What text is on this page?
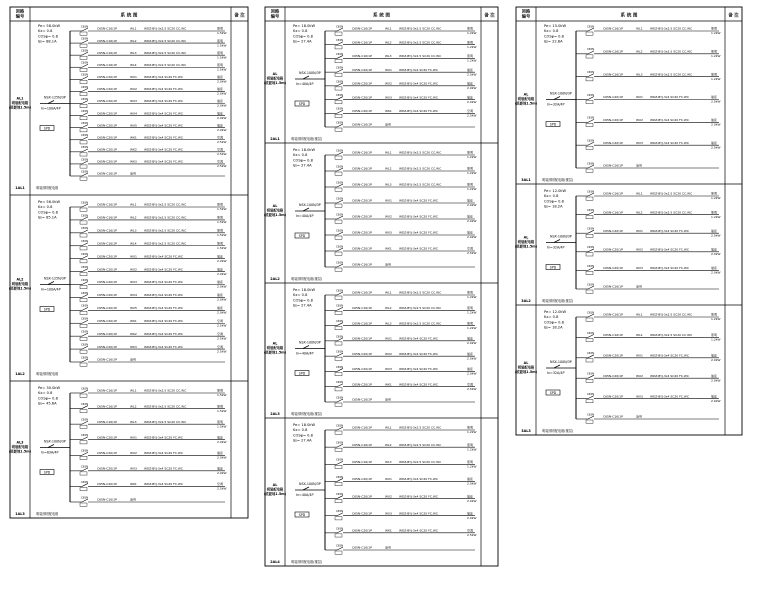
回路
编号	系 统 图	备 注
Pe= 58.0kW
Kx= 0.8
COSφ= 0.8
Ijs= 88.1A
NSX-125N/3P
In=100A/4P
SPD
AL1
明装配电箱
(底距地1.5m)
C65N	C65N-C16/1P	WL1 WDZ-BYJ-3x2.5 SC20 CC.WC	照明
1.5kW
C65N	C65N-C16/1P	WL2 WDZ-BYJ-3x2.5 SC20 CC.WC	照明
1.5kW
C65N	C65N-C16/1P	WL3 WDZ-BYJ-3x2.5 SC20 CC.WC	照明
1.5kW
C65N	C65N-C16/1P	WL4 WDZ-BYJ-3x2.5 SC20 CC.WC	照明
1.5kW
C65N	C65N-C20/1P	WX1 WDZ-BYJ-3x4 SC20 FC.WC	插座
2.0kW
C65N	C65N-C20/1P	WX2 WDZ-BYJ-3x4 SC20 FC.WC	插座
2.0kW
C65N	C65N-C20/1P	WX3 WDZ-BYJ-3x4 SC20 FC.WC	插座
2.0kW
C65N	C65N-C20/1P	WX4 WDZ-BYJ-3x4 SC20 FC.WC	插座
2.0kW
C65N	C65N-C20/1P	WX5 WDZ-BYJ-3x4 SC20 FC.WC	插座
2.0kW
C65N	C65N-C20/1P	WK1 WDZ-BYJ-3x4 SC20 FC.WC	空调
2.5kW
C65N	C65N-C20/1P	WK2 WDZ-BYJ-3x4 SC20 FC.WC	空调
2.5kW
C65N	C65N-C20/1P	WK3 WDZ-BYJ-3x4 SC20 FC.WC	空调
2.5kW
C65N	C65N-C16/1P	备用
1AL1	明装照明配电箱
Pe= 56.0kW
Kx= 0.8
COSφ= 0.8
Ijs= 85.1A
NSX-125N/3P
In=100A/4P
SPD
AL2
明装配电箱
(底距地1.5m)
C65N	C65N-C16/1P	WL1 WDZ-BYJ-3x2.5 SC20 CC.WC	照明
1.5kW
C65N	C65N-C16/1P	WL2 WDZ-BYJ-3x2.5 SC20 CC.WC	照明
1.5kW
C65N	C65N-C16/1P	WL3 WDZ-BYJ-3x2.5 SC20 CC.WC	照明
1.5kW
C65N	C65N-C16/1P	WL4 WDZ-BYJ-3x2.5 SC20 CC.WC	照明
1.5kW
C65N	C65N-C20/1P	WX1 WDZ-BYJ-3x4 SC20 FC.WC	插座
2.0kW
C65N	C65N-C20/1P	WX2 WDZ-BYJ-3x4 SC20 FC.WC	插座
2.0kW
C65N	C65N-C20/1P	WX3 WDZ-BYJ-3x4 SC20 FC.WC	插座
2.0kW
C65N	C65N-C20/1P	WX4 WDZ-BYJ-3x4 SC20 FC.WC	插座
2.0kW
C65N	C65N-C20/1P	WX5 WDZ-BYJ-3x4 SC20 FC.WC	插座
2.0kW
C65N	C65N-C20/1P	WK1 WDZ-BYJ-3x4 SC20 FC.WC	空调
2.5kW
C65N	C65N-C20/1P	WK2 WDZ-BYJ-3x4 SC20 FC.WC	空调
2.5kW
C65N	C65N-C20/1P	WK3 WDZ-BYJ-3x4 SC20 FC.WC	空调
2.5kW
C65N	C65N-C16/1P	备用
1AL2	明装照明配电箱
Pe= 30.0kW
Kx= 0.8
COSφ= 0.8
Ijs= 45.6A
NSX-100N/3P
In=63A/4P
SPD
AL3
明装配电箱
(底距地1.5m)
C65N	C65N-C16/1P	WL1 WDZ-BYJ-3x2.5 SC20 CC.WC	照明
1.5kW
C65N	C65N-C16/1P	WL2 WDZ-BYJ-3x2.5 SC20 CC.WC	照明
1.5kW
C65N	C65N-C16/1P	WL3 WDZ-BYJ-3x2.5 SC20 CC.WC	照明
1.5kW
C65N	C65N-C20/1P	WX1 WDZ-BYJ-3x4 SC20 FC.WC	插座
2.0kW
C65N	C65N-C20/1P	WX2 WDZ-BYJ-3x4 SC20 FC.WC	插座
2.0kW
C65N	C65N-C20/1P	WX3 WDZ-BYJ-3x4 SC20 FC.WC	插座
2.0kW
C65N	C65N-C20/1P	WK1 WDZ-BYJ-3x4 SC20 FC.WC	空调
2.5kW
C65N	C65N-C16/1P	备用
1AL3	明装照明配电箱
回路
编号	系 统 图	备 注
Pe= 18.0kW
Kx= 0.8
COSφ= 0.8
Ijs= 27.4A
NSX-100N/3P
In=40A/4P
SPD
AL
明装配电箱
(底距地1.5m)
C65N	C65N-C16/1P	WL1 WDZ-BYJ-3x2.5 SC20 CC.WC	照明
1.2kW
C65N	C65N-C16/1P	WL2 WDZ-BYJ-3x2.5 SC20 CC.WC	照明
1.2kW
C65N	C65N-C16/1P	WL3 WDZ-BYJ-3x2.5 SC20 CC.WC	照明
1.2kW
C65N	C65N-C20/1P	WX1 WDZ-BYJ-3x4 SC20 FC.WC	插座
2.0kW
C65N	C65N-C20/1P	WX2 WDZ-BYJ-3x4 SC20 FC.WC	插座
2.0kW
C65N	C65N-C20/1P	WX3 WDZ-BYJ-3x4 SC20 FC.WC	插座
2.0kW
C65N	C65N-C20/1P	WK1 WDZ-BYJ-3x4 SC20 FC.WC	空调
2.5kW
C65N	C65N-C16/1P	备用
2AL1	明装照明配电箱(楼层)
Pe= 18.0kW
Kx= 0.8
COSφ= 0.8
Ijs= 27.4A
NSX-100N/3P
In=40A/4P
SPD
AL
明装配电箱
(底距地1.5m)
C65N	C65N-C16/1P	WL1 WDZ-BYJ-3x2.5 SC20 CC.WC	照明
1.2kW
C65N	C65N-C16/1P	WL2 WDZ-BYJ-3x2.5 SC20 CC.WC	照明
1.2kW
C65N	C65N-C16/1P	WL3 WDZ-BYJ-3x2.5 SC20 CC.WC	照明
1.2kW
C65N	C65N-C20/1P	WX1 WDZ-BYJ-3x4 SC20 FC.WC	插座
2.0kW
C65N	C65N-C20/1P	WX2 WDZ-BYJ-3x4 SC20 FC.WC	插座
2.0kW
C65N	C65N-C20/1P	WX3 WDZ-BYJ-3x4 SC20 FC.WC	插座
2.0kW
C65N	C65N-C20/1P	WK1 WDZ-BYJ-3x4 SC20 FC.WC	空调
2.5kW
C65N	C65N-C16/1P	备用
2AL2	明装照明配电箱(楼层)
Pe= 18.0kW
Kx= 0.8
COSφ= 0.8
Ijs= 27.4A
NSX-100N/3P
In=40A/4P
SPD
AL
明装配电箱
(底距地1.5m)
C65N	C65N-C16/1P	WL1 WDZ-BYJ-3x2.5 SC20 CC.WC	照明
1.2kW
C65N	C65N-C16/1P	WL2 WDZ-BYJ-3x2.5 SC20 CC.WC	照明
1.2kW
C65N	C65N-C16/1P	WL3 WDZ-BYJ-3x2.5 SC20 CC.WC	照明
1.2kW
C65N	C65N-C20/1P	WX1 WDZ-BYJ-3x4 SC20 FC.WC	插座
2.0kW
C65N	C65N-C20/1P	WX2 WDZ-BYJ-3x4 SC20 FC.WC	插座
2.0kW
C65N	C65N-C20/1P	WX3 WDZ-BYJ-3x4 SC20 FC.WC	插座
2.0kW
C65N	C65N-C20/1P	WK1 WDZ-BYJ-3x4 SC20 FC.WC	空调
2.5kW
C65N	C65N-C16/1P	备用
2AL3	明装照明配电箱(楼层)
Pe= 18.0kW
Kx= 0.8
COSφ= 0.8
Ijs= 27.4A
NSX-100N/3P
In=40A/4P
SPD
AL
明装配电箱
(底距地1.5m)
C65N	C65N-C16/1P	WL1 WDZ-BYJ-3x2.5 SC20 CC.WC	照明
1.2kW
C65N	C65N-C16/1P	WL2 WDZ-BYJ-3x2.5 SC20 CC.WC	照明
1.2kW
C65N	C65N-C16/1P	WL3 WDZ-BYJ-3x2.5 SC20 CC.WC	照明
1.2kW
C65N	C65N-C20/1P	WX1 WDZ-BYJ-3x4 SC20 FC.WC	插座
2.0kW
C65N	C65N-C20/1P	WX2 WDZ-BYJ-3x4 SC20 FC.WC	插座
2.0kW
C65N	C65N-C20/1P	WX3 WDZ-BYJ-3x4 SC20 FC.WC	插座
2.0kW
C65N	C65N-C20/1P	WK1 WDZ-BYJ-3x4 SC20 FC.WC	空调
2.5kW
C65N	C65N-C16/1P	备用
2AL4	明装照明配电箱(楼层)
回路
编号	系 统 图	备 注
Pe= 15.0kW
Kx= 0.8
COSφ= 0.8
Ijs= 22.8A
NSX-100N/3P
In=32A/4P
SPD
AL
明装配电箱
(底距地1.5m)
C65N	C65N-C16/1P	WL1 WDZ-BYJ-3x2.5 SC20 CC.WC	照明
1.2kW
C65N	C65N-C16/1P	WL2 WDZ-BYJ-3x2.5 SC20 CC.WC	照明
1.2kW
C65N	C65N-C16/1P	WL3 WDZ-BYJ-3x2.5 SC20 CC.WC	照明
1.2kW
C65N	C65N-C20/1P	WX1 WDZ-BYJ-3x4 SC20 FC.WC	插座
2.0kW
C65N	C65N-C20/1P	WX2 WDZ-BYJ-3x4 SC20 FC.WC	插座
2.0kW
C65N	C65N-C20/1P	WX3 WDZ-BYJ-3x4 SC20 FC.WC	插座
2.0kW
C65N	C65N-C16/1P	备用
3AL1	明装照明配电箱(楼层)
Pe= 12.0kW
Kx= 0.8
COSφ= 0.8
Ijs= 18.2A
NSX-100N/3P
In=32A/4P
SPD
AL
明装配电箱
(底距地1.5m)
C65N	C65N-C16/1P	WL1 WDZ-BYJ-3x2.5 SC20 CC.WC	照明
1.2kW
C65N	C65N-C16/1P	WL2 WDZ-BYJ-3x2.5 SC20 CC.WC	照明
1.2kW
C65N	C65N-C20/1P	WX1 WDZ-BYJ-3x4 SC20 FC.WC	插座
2.0kW
C65N	C65N-C20/1P	WX2 WDZ-BYJ-3x4 SC20 FC.WC	插座
2.0kW
C65N	C65N-C20/1P	WX3 WDZ-BYJ-3x4 SC20 FC.WC	插座
2.0kW
C65N	C65N-C16/1P	备用
3AL2	明装照明配电箱(楼层)
Pe= 12.0kW
Kx= 0.8
COSφ= 0.8
Ijs= 18.2A
NSX-100N/3P
In=32A/4P
SPD
AL
明装配电箱
(底距地1.5m)
C65N	C65N-C16/1P	WL1 WDZ-BYJ-3x2.5 SC20 CC.WC	照明
1.2kW
C65N	C65N-C16/1P	WL2 WDZ-BYJ-3x2.5 SC20 CC.WC	照明
1.2kW
C65N	C65N-C20/1P	WX1 WDZ-BYJ-3x4 SC20 FC.WC	插座
2.0kW
C65N	C65N-C20/1P	WX2 WDZ-BYJ-3x4 SC20 FC.WC	插座
2.0kW
C65N	C65N-C20/1P	WX3 WDZ-BYJ-3x4 SC20 FC.WC	插座
2.0kW
C65N	C65N-C16/1P	备用
3AL3	明装照明配电箱(楼层)
